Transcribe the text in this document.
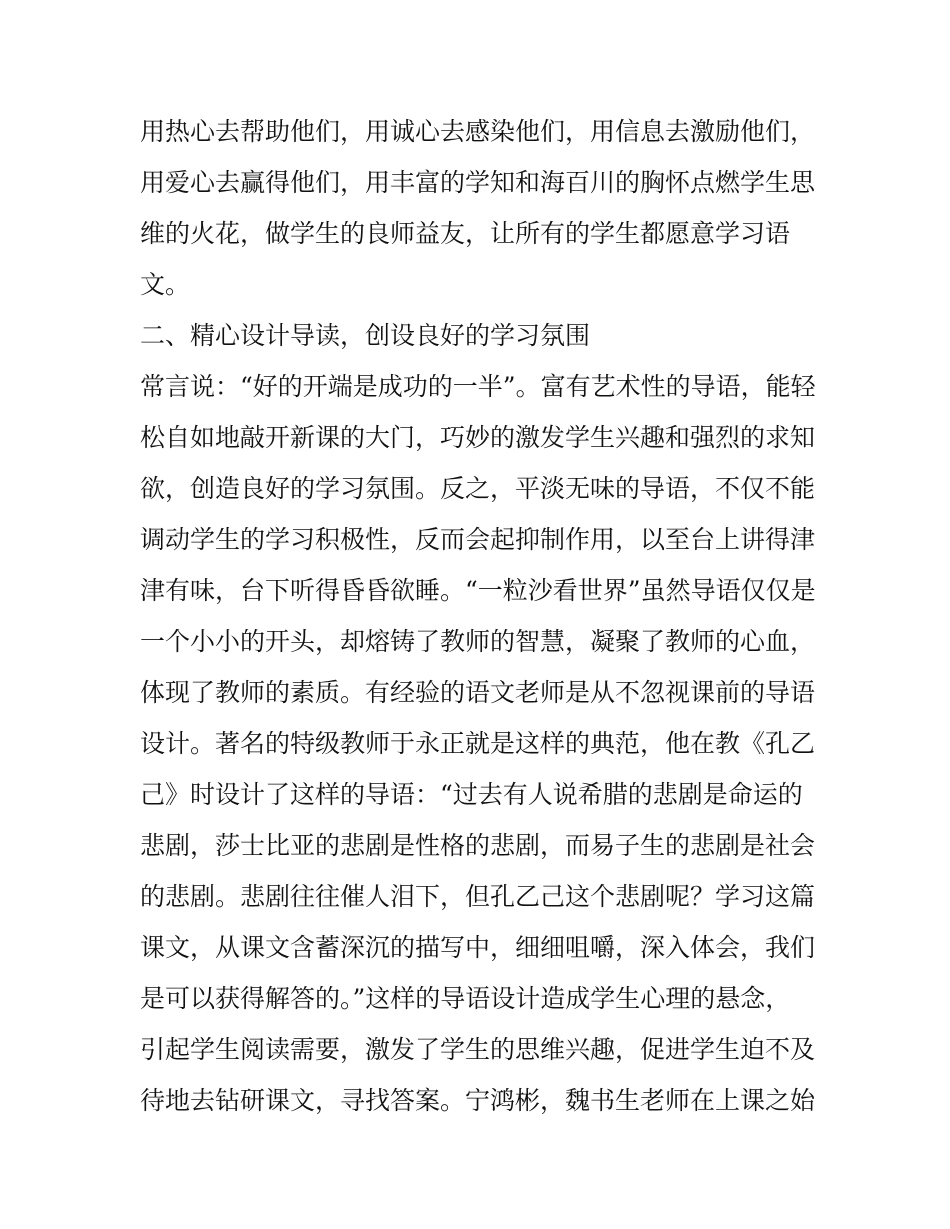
用热心去帮助他们，用诚心去感染他们，用信息去激励他们，
用爱心去赢得他们，用丰富的学知和海百川的胸怀点燃学生思
维的火花，做学生的良师益友，让所有的学生都愿意学习语
文。
二、精心设计导读，创设良好的学习氛围
常言说：“好的开端是成功的一半”。富有艺术性的导语，能轻
松自如地敲开新课的大门，巧妙的激发学生兴趣和强烈的求知
欲，创造良好的学习氛围。反之，平淡无味的导语，不仅不能
调动学生的学习积极性，反而会起抑制作用，以至台上讲得津
津有味，台下听得昏昏欲睡。“一粒沙看世界”虽然导语仅仅是
一个小小的开头，却熔铸了教师的智慧，凝聚了教师的心血，
体现了教师的素质。有经验的语文老师是从不忽视课前的导语
设计。著名的特级教师于永正就是这样的典范，他在教《孔乙
己》时设计了这样的导语：“过去有人说希腊的悲剧是命运的
悲剧，莎士比亚的悲剧是性格的悲剧，而易子生的悲剧是社会
的悲剧。悲剧往往催人泪下，但孔乙己这个悲剧呢？学习这篇
课文，从课文含蓄深沉的描写中，细细咀嚼，深入体会，我们
是可以获得解答的。”这样的导语设计造成学生心理的悬念，
引起学生阅读需要，激发了学生的思维兴趣，促进学生迫不及
待地去钻研课文，寻找答案。宁鸿彬，魏书生老师在上课之始
